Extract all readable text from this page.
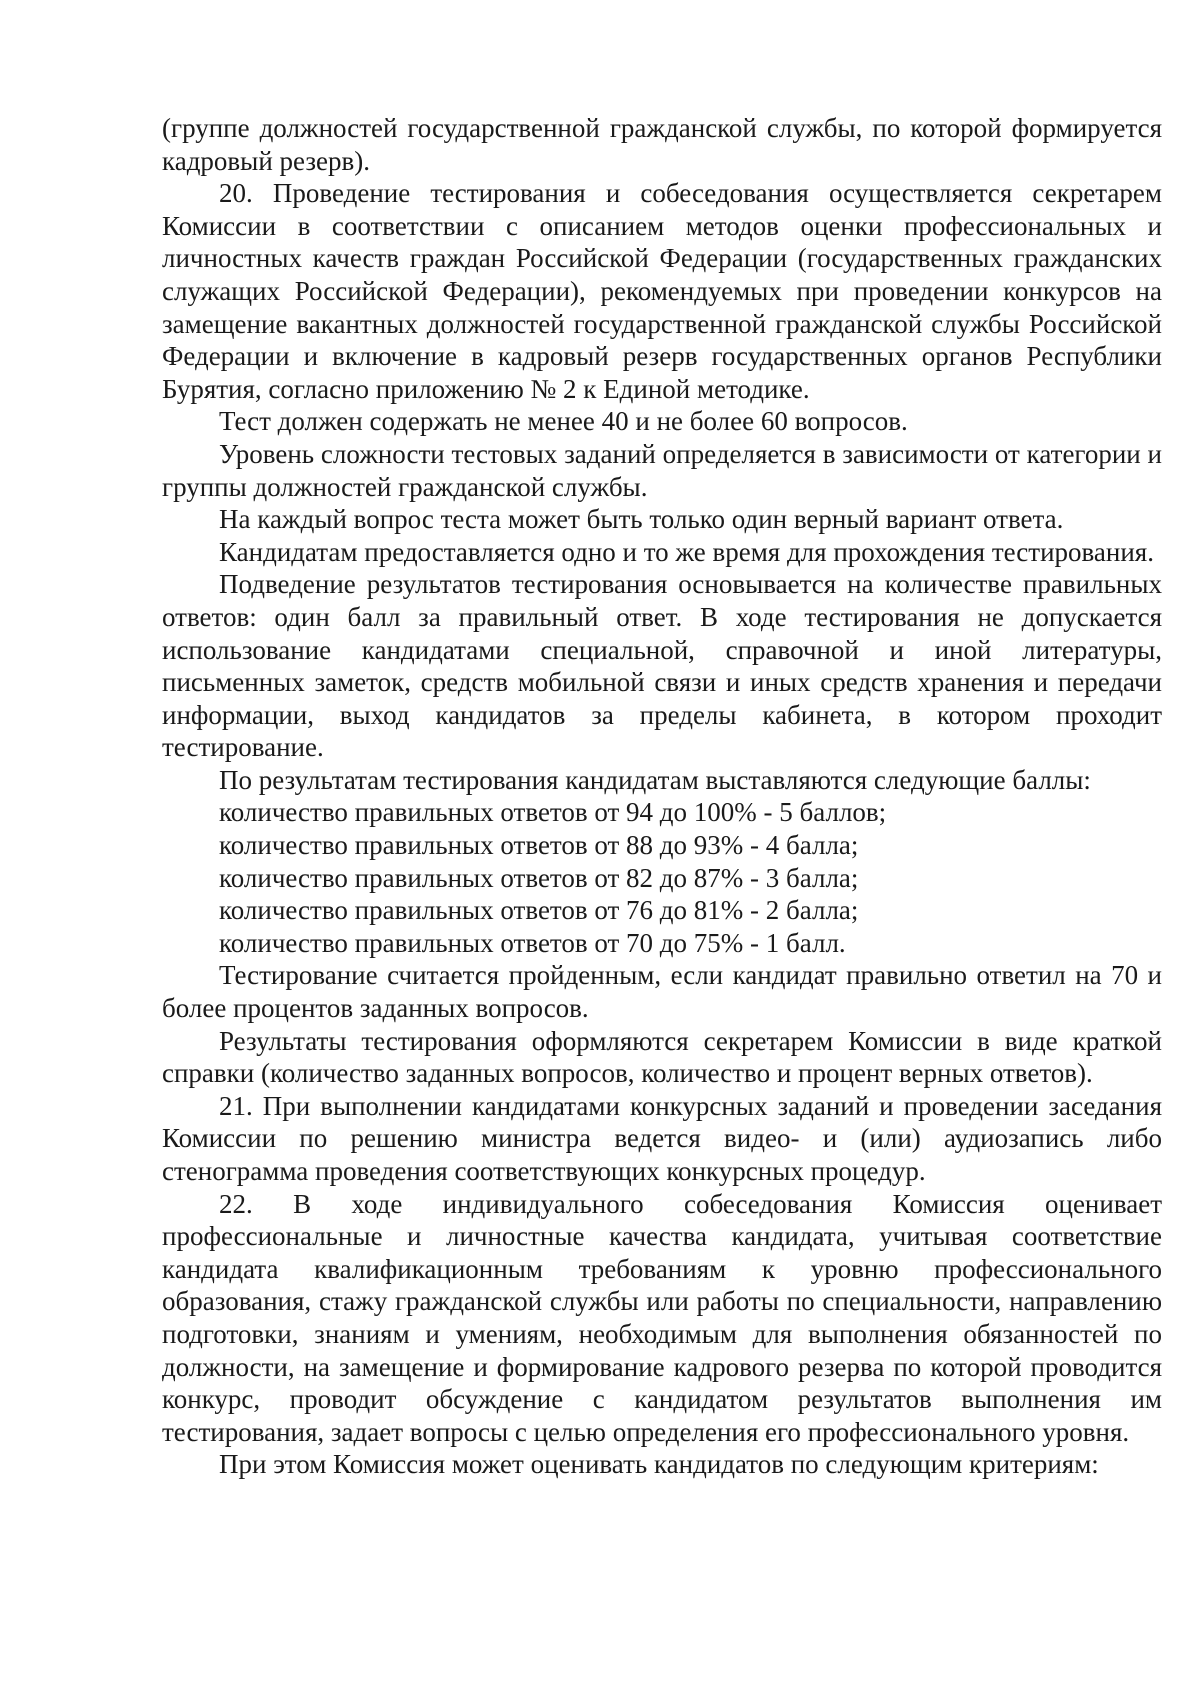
(группе должностей государственной гражданской службы, по которой формируется кадровый резерв).

20. Проведение тестирования и собеседования осуществляется секретарем Комиссии в соответствии с описанием методов оценки профессиональных и личностных качеств граждан Российской Федерации (государственных гражданских служащих Российской Федерации), рекомендуемых при проведении конкурсов на замещение вакантных должностей государственной гражданской службы Российской Федерации и включение в кадровый резерв государственных органов Республики Бурятия, согласно приложению № 2 к Единой методике.

Тест должен содержать не менее 40 и не более 60 вопросов.

Уровень сложности тестовых заданий определяется в зависимости от категории и группы должностей гражданской службы.

На каждый вопрос теста может быть только один верный вариант ответа.

Кандидатам предоставляется одно и то же время для прохождения тестирования.

Подведение результатов тестирования основывается на количестве правильных ответов: один балл за правильный ответ. В ходе тестирования не допускается использование кандидатами специальной, справочной и иной литературы, письменных заметок, средств мобильной связи и иных средств хранения и передачи информации, выход кандидатов за пределы кабинета, в котором проходит тестирование.

По результатам тестирования кандидатам выставляются следующие баллы:

количество правильных ответов от 94 до 100% - 5 баллов;

количество правильных ответов от 88 до 93% - 4 балла;

количество правильных ответов от 82 до 87% - 3 балла;

количество правильных ответов от 76 до 81% - 2 балла;

количество правильных ответов от 70 до 75% - 1 балл.

Тестирование считается пройденным, если кандидат правильно ответил на 70 и более процентов заданных вопросов.

Результаты тестирования оформляются секретарем Комиссии в виде краткой справки (количество заданных вопросов, количество и процент верных ответов).

21. При выполнении кандидатами конкурсных заданий и проведении заседания Комиссии по решению министра ведется видео- и (или) аудиозапись либо стенограмма проведения соответствующих конкурсных процедур.

22. В ходе индивидуального собеседования Комиссия оценивает профессиональные и личностные качества кандидата, учитывая соответствие кандидата квалификационным требованиям к уровню профессионального образования, стажу гражданской службы или работы по специальности, направлению подготовки, знаниям и умениям, необходимым для выполнения обязанностей по должности, на замещение и формирование кадрового резерва по которой проводится конкурс, проводит обсуждение с кандидатом результатов выполнения им тестирования, задает вопросы с целью определения его профессионального уровня.

При этом Комиссия может оценивать кандидатов по следующим критериям:
